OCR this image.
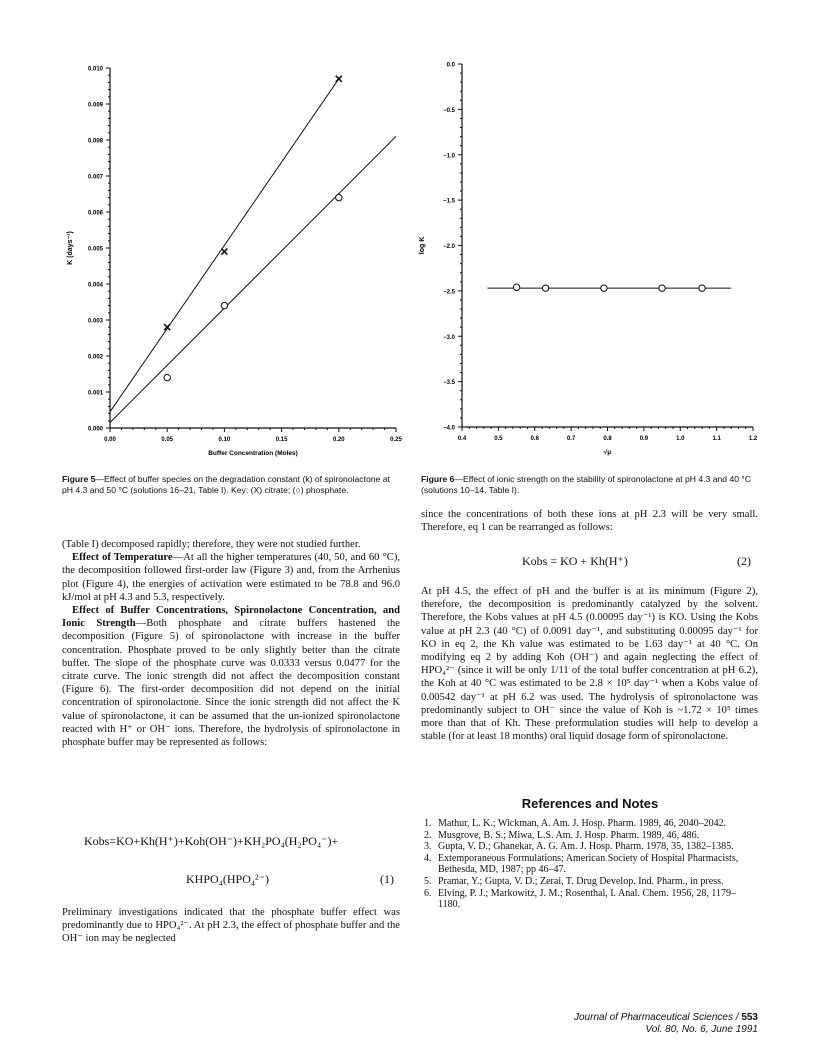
0.000
0.001
0.002
0.003
0.004
0.005
0.006
0.007
0.008
0.009
0.010
0.00	0.05	0.10	0.15	0.20	0.25
Buffer Concentration (Moles)
K (days⁻¹)
0.0
−0.5
−1.0
−1.5
−2.0
−2.5
−3.0
−3.5
−4.0
0.4	0.5	0.6	0.7	0.8	0.9	1.0	1.1	1.2
√μ
log K
Figure 5—Effect of buffer species on the degradation constant (k) of spironolactone at pH 4.3 and 50 °C (solutions 16–21, Table I). Key: (X) citrate; (○) phosphate.
Figure 6—Effect of ionic strength on the stability of spironolactone at pH 4.3 and 40 °C (solutions 10–14, Table I).

(Table I) decomposed rapidly; therefore, they were not studied further.

Effect of Temperature—At all the higher temperatures (40, 50, and 60 °C), the decomposition followed first-order law (Figure 3) and, from the Arrhenius plot (Figure 4), the energies of activation were estimated to be 78.8 and 96.0 kJ/mol at pH 4.3 and 5.3, respectively.

Effect of Buffer Concentrations, Spironolactone Concentration, and Ionic Strength—Both phosphate and citrate buffers hastened the decomposition (Figure 5) of spironolactone with increase in the buffer concentration. Phosphate proved to be only slightly better than the citrate buffer. The slope of the phosphate curve was 0.0333 versus 0.0477 for the citrate curve. The ionic strength did not affect the decomposition constant (Figure 6). The first-order decomposition did not depend on the initial concentration of spironolactone. Since the ionic strength did not affect the K value of spironolactone, it can be assumed that the un-ionized spironolactone reacted with H⁺ or OH⁻ ions. Therefore, the hydrolysis of spironolactone in phosphate buffer may be represented as follows:

Kobs=KO+Kh(H⁺)+Koh(OH⁻)+KH₂PO₄(H₂PO₄⁻)+
KHPO₄(HPO₄²⁻)	(1)

Preliminary investigations indicated that the phosphate buffer effect was predominantly due to HPO₄²⁻. At pH 2.3, the effect of phosphate buffer and the OH⁻ ion may be neglected

since the concentrations of both these ions at pH 2.3 will be very small. Therefore, eq 1 can be rearranged as follows:

Kobs = KO + Kh(H⁺)	(2)

At pH 4.5, the effect of pH and the buffer is at its minimum (Figure 2), therefore, the decomposition is predominantly catalyzed by the solvent. Therefore, the Kobs values at pH 4.5 (0.00095 day⁻¹) is KO. Using the Kobs value at pH 2.3 (40 °C) of 0.0091 day⁻¹, and substituting 0.00095 day⁻¹ for KO in eq 2, the Kh value was estimated to be 1.63 day⁻¹ at 40 °C. On modifying eq 2 by adding Koh (OH⁻) and again neglecting the effect of HPO₄²⁻ (since it will be only 1/11 of the total buffer concentration at pH 6.2), the Koh at 40 °C was estimated to be 2.8 × 10⁵ day⁻¹ when a Kobs value of 0.00542 day⁻¹ at pH 6.2 was used. The hydrolysis of spironolactone was predominantly subject to OH⁻ since the value of Koh is ~1.72 × 10⁵ times more than that of Kh. These preformulation studies will help to develop a stable (for at least 18 months) oral liquid dosage form of spironolactone.

References and Notes
1. Mathur, L. K.; Wickman, A. Am. J. Hosp. Pharm. 1989, 46, 2040–2042.
2. Musgrove, B. S.; Miwa, L.S. Am. J. Hosp. Pharm. 1989, 46, 486.
3. Gupta, V. D.; Ghanekar, A. G. Am. J. Hosp. Pharm. 1978, 35, 1382–1385.
4. Extemporaneous Formulations; American Society of Hospital Pharmacists, Bethesda, MD, 1987; pp 46–47.
5. Pramar, Y.; Gupta, V. D.; Zerai, T. Drug Develop. Ind. Pharm., in press.
6. Elving, P. J.; Markowitz, J. M.; Rosenthal, I. Anal. Chem. 1956, 28, 1179–1180.
Journal of Pharmaceutical Sciences / 553
Vol. 80, No. 6, June 1991
